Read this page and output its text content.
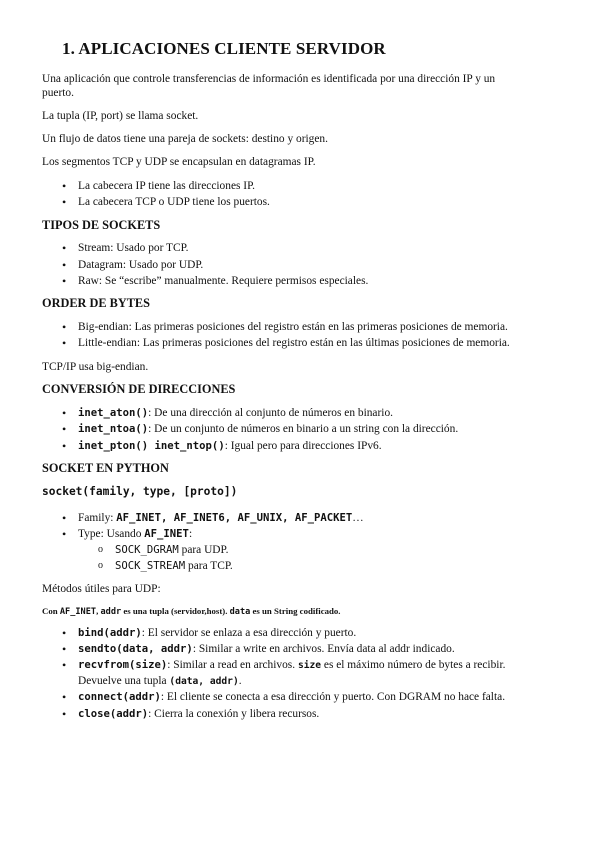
1. APLICACIONES CLIENTE SERVIDOR
Una aplicación que controle transferencias de información es identificada por una dirección IP y un
puerto.
La tupla (IP, port) se llama socket.
Un flujo de datos tiene una pareja de sockets: destino y origen.
Los segmentos TCP y UDP se encapsulan en datagramas IP.
• La cabecera IP tiene las direcciones IP.
• La cabecera TCP o UDP tiene los puertos.
TIPOS DE SOCKETS
• Stream: Usado por TCP.
• Datagram: Usado por UDP.
• Raw: Se “escribe” manualmente. Requiere permisos especiales.
ORDER DE BYTES
• Big-endian: Las primeras posiciones del registro están en las primeras posiciones de memoria.
• Little-endian: Las primeras posiciones del registro están en las últimas posiciones de memoria.
TCP/IP usa big-endian.
CONVERSIÓN DE DIRECCIONES
• inet_aton(): De una dirección al conjunto de números en binario.
• inet_ntoa(): De un conjunto de números en binario a un string con la dirección.
• inet_pton() inet_ntop(): Igual pero para direcciones IPv6.
SOCKET EN PYTHON
socket(family, type, [proto])
• Family: AF_INET, AF_INET6, AF_UNIX, AF_PACKET…
• Type: Usando AF_INET:
o SOCK_DGRAM para UDP.
o SOCK_STREAM para TCP.
Métodos útiles para UDP:
Con AF_INET, addr es una tupla (servidor,host). data es un String codificado.
• bind(addr): El servidor se enlaza a esa dirección y puerto.
• sendto(data, addr): Similar a write en archivos. Envía data al addr indicado.
• recvfrom(size): Similar a read en archivos. size es el máximo número de bytes a recibir.
Devuelve una tupla (data, addr).
• connect(addr): El cliente se conecta a esa dirección y puerto. Con DGRAM no hace falta.
• close(addr): Cierra la conexión y libera recursos.
